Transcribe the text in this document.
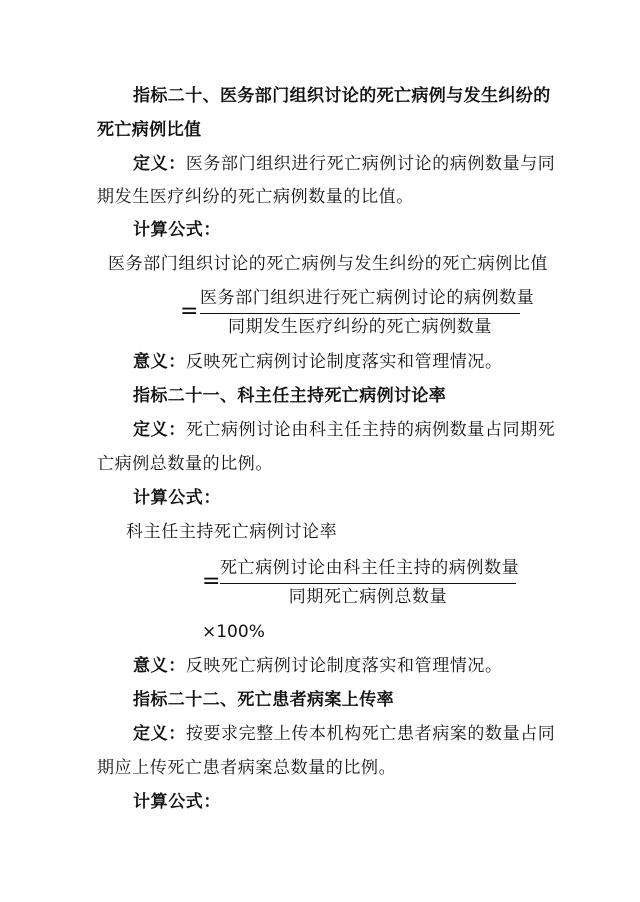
指标二十、医务部门组织讨论的死亡病例与发生纠纷的
死亡病例比值
定义：医务部门组织进行死亡病例讨论的病例数量与同
期发生医疗纠纷的死亡病例数量的比值。
计算公式：
医务部门组织讨论的死亡病例与发生纠纷的死亡病例比值
=
医务部门组织进行死亡病例讨论的病例数量
同期发生医疗纠纷的死亡病例数量
意义：反映死亡病例讨论制度落实和管理情况。
指标二十一、科主任主持死亡病例讨论率
定义：死亡病例讨论由科主任主持的病例数量占同期死
亡病例总数量的比例。
计算公式：
科主任主持死亡病例讨论率
=
死亡病例讨论由科主任主持的病例数量
同期死亡病例总数量
×100%
意义：反映死亡病例讨论制度落实和管理情况。
指标二十二、死亡患者病案上传率
定义：按要求完整上传本机构死亡患者病案的数量占同
期应上传死亡患者病案总数量的比例。
计算公式：
